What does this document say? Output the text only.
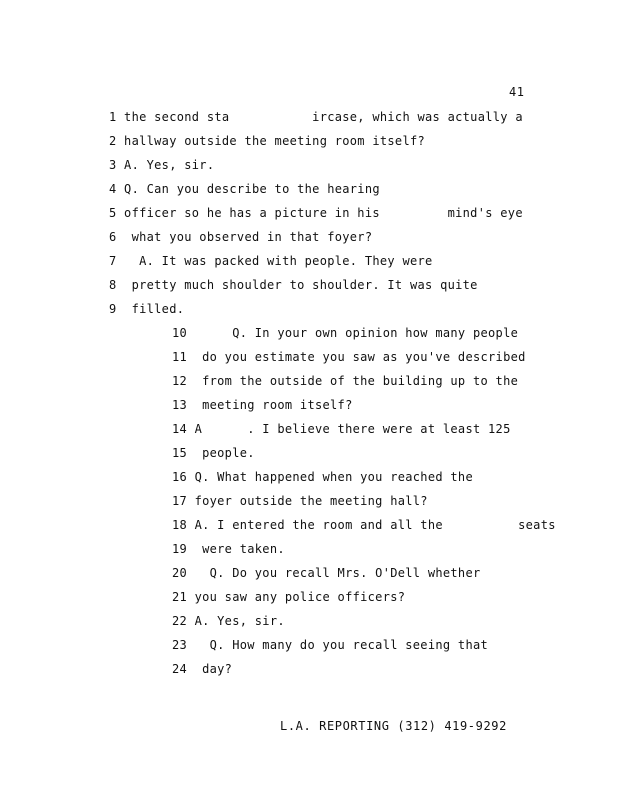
41
1 the second sta           ircase, which was actually a
2 hallway outside the meeting room itself?
3 A. Yes, sir.
4 Q. Can you describe to the hearing
5 officer so he has a picture in his         mind's eye
6  what you observed in that foyer?
7   A. It was packed with people. They were
8  pretty much shoulder to shoulder. It was quite
9  filled.
10      Q. In your own opinion how many people
11  do you estimate you saw as you've described
12  from the outside of the building up to the
13  meeting room itself?
14 A      . I believe there were at least 125
15  people.
16 Q. What happened when you reached the
17 foyer outside the meeting hall?
18 A. I entered the room and all the          seats
19  were taken.
20   Q. Do you recall Mrs. O'Dell whether
21 you saw any police officers?
22 A. Yes, sir.
23   Q. How many do you recall seeing that
24  day?
L.A. REPORTING (312) 419-9292
